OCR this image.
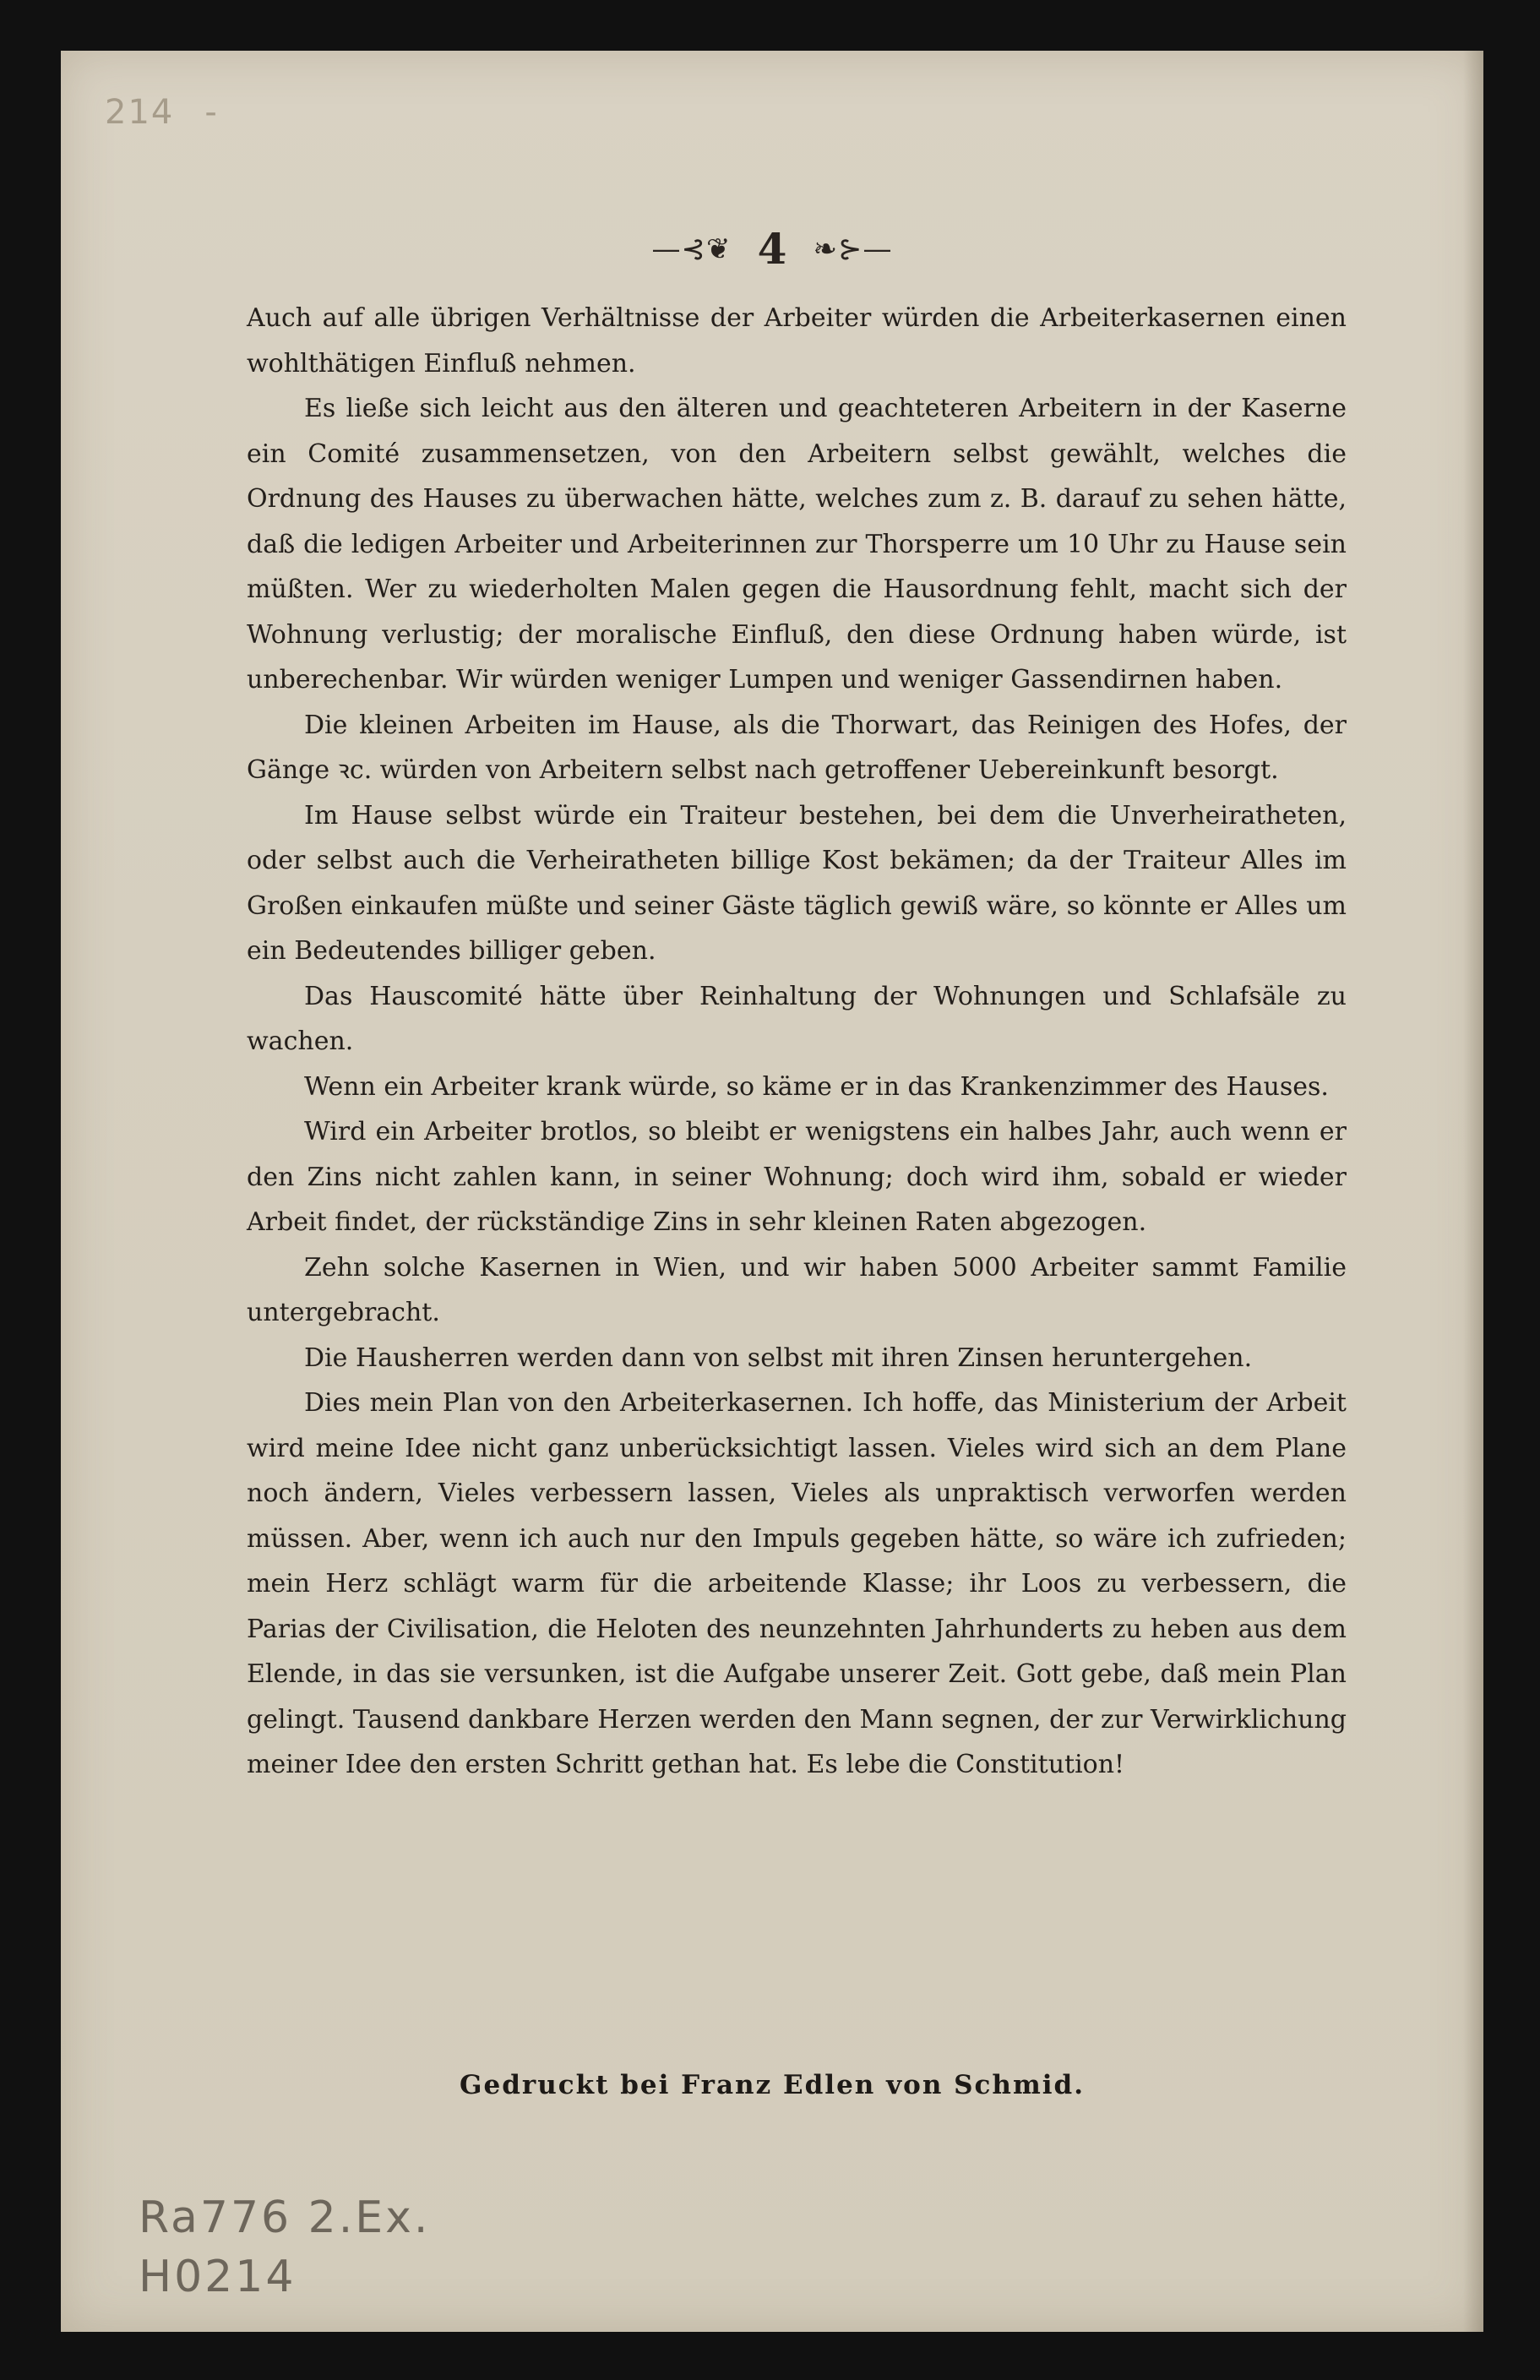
214 -
—⊰❦ 4 ❧⊱—

Auch auf alle übrigen Verhältnisse der Arbeiter würden die Arbeiterkasernen einen wohlthätigen Einfluß nehmen.

Es ließe sich leicht aus den älteren und geachteteren Arbeitern in der Kaserne ein Comité zusammensetzen, von den Arbeitern selbst gewählt, welches die Ordnung des Hauses zu überwachen hätte, welches zum z. B. darauf zu sehen hätte, daß die ledigen Arbeiter und Arbeiterinnen zur Thorsperre um 10 Uhr zu Hause sein müßten. Wer zu wiederholten Malen gegen die Hausordnung fehlt, macht sich der Wohnung verlustig; der moralische Einfluß, den diese Ordnung haben würde, ist unberechenbar. Wir würden weniger Lumpen und weniger Gassendirnen haben.

Die kleinen Arbeiten im Hause, als die Thorwart, das Reinigen des Hofes, der Gänge ꝛc. würden von Arbeitern selbst nach getroffener Uebereinkunft besorgt.

Im Hause selbst würde ein Traiteur bestehen, bei dem die Unverheiratheten, oder selbst auch die Verheiratheten billige Kost bekämen; da der Traiteur Alles im Großen einkaufen müßte und seiner Gäste täglich gewiß wäre, so könnte er Alles um ein Bedeutendes billiger geben.

Das Hauscomité hätte über Reinhaltung der Wohnungen und Schlafsäle zu wachen.

Wenn ein Arbeiter krank würde, so käme er in das Krankenzimmer des Hauses.

Wird ein Arbeiter brotlos, so bleibt er wenigstens ein halbes Jahr, auch wenn er den Zins nicht zahlen kann, in seiner Wohnung; doch wird ihm, sobald er wieder Arbeit findet, der rückständige Zins in sehr kleinen Raten abgezogen.

Zehn solche Kasernen in Wien, und wir haben 5000 Arbeiter sammt Familie untergebracht.

Die Hausherren werden dann von selbst mit ihren Zinsen heruntergehen.

Dies mein Plan von den Arbeiterkasernen. Ich hoffe, das Ministerium der Arbeit wird meine Idee nicht ganz unberücksichtigt lassen. Vieles wird sich an dem Plane noch ändern, Vieles verbessern lassen, Vieles als unpraktisch verworfen werden müssen. Aber, wenn ich auch nur den Impuls gegeben hätte, so wäre ich zufrieden; mein Herz schlägt warm für die arbeitende Klasse; ihr Loos zu verbessern, die Parias der Civilisation, die Heloten des neunzehnten Jahrhunderts zu heben aus dem Elende, in das sie versunken, ist die Aufgabe unserer Zeit. Gott gebe, daß mein Plan gelingt. Tausend dankbare Herzen werden den Mann segnen, der zur Verwirklichung meiner Idee den ersten Schritt gethan hat. Es lebe die Constitution!

Gedruckt bei Franz Edlen von Schmid.
Ra776 2.Ex.
H0214
